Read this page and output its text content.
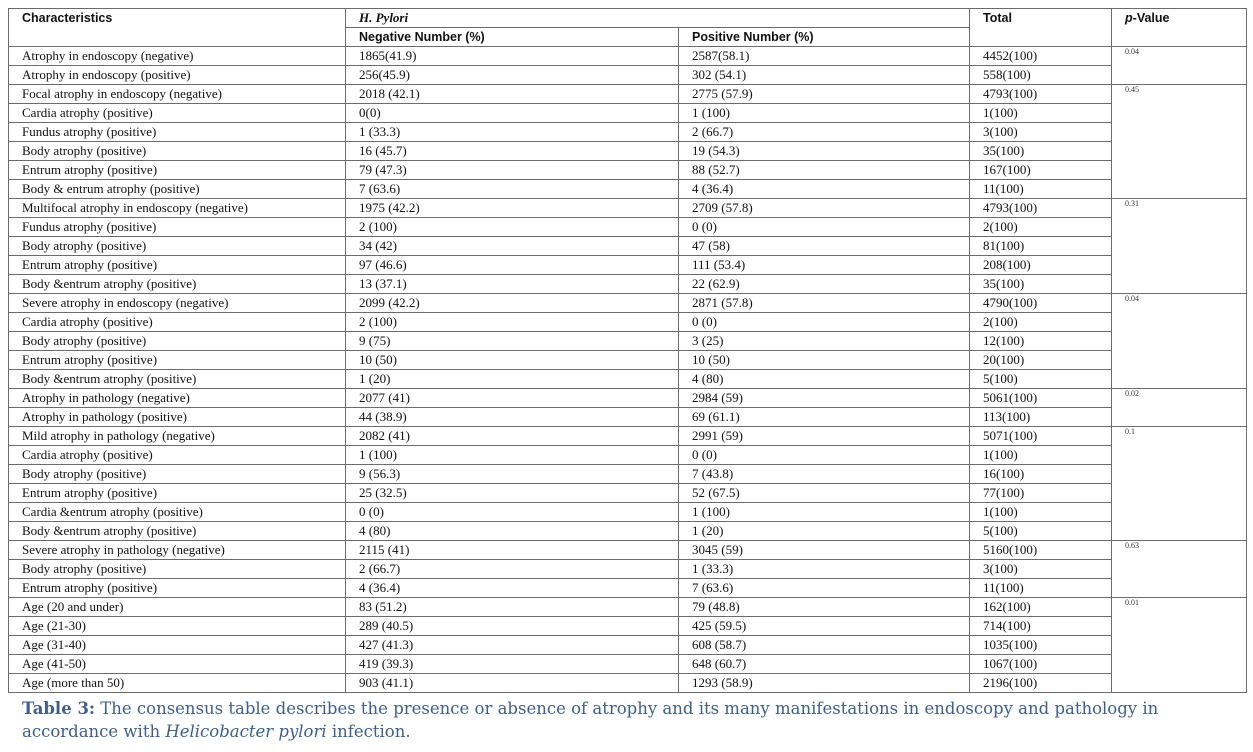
Characteristics	H. Pylori		Total	p-Value
	Negative Number (%)	Positive Number (%)		
Atrophy in endoscopy (negative)	1865(41.9)	2587(58.1)	4452(100)	0.04
Atrophy in endoscopy (positive)	256(45.9)	302 (54.1)	558(100)	
Focal atrophy in endoscopy (negative)	2018 (42.1)	2775 (57.9)	4793(100)	0.45
Cardia atrophy (positive)	0(0)	1 (100)	1(100)	
Fundus atrophy (positive)	1 (33.3)	2 (66.7)	3(100)	
Body atrophy (positive)	16 (45.7)	19 (54.3)	35(100)	
Entrum atrophy (positive)	79 (47.3)	88 (52.7)	167(100)	
Body & entrum atrophy (positive)	7 (63.6)	4 (36.4)	11(100)	
Multifocal atrophy in endoscopy (negative)	1975 (42.2)	2709 (57.8)	4793(100)	0.31
Fundus atrophy (positive)	2 (100)	0 (0)	2(100)	
Body atrophy (positive)	34 (42)	47 (58)	81(100)	
Entrum atrophy (positive)	97 (46.6)	111 (53.4)	208(100)	
Body &entrum atrophy (positive)	13 (37.1)	22 (62.9)	35(100)	
Severe atrophy in endoscopy (negative)	2099 (42.2)	2871 (57.8)	4790(100)	0.04
Cardia atrophy (positive)	2 (100)	0 (0)	2(100)	
Body atrophy (positive)	9 (75)	3 (25)	12(100)	
Entrum atrophy (positive)	10 (50)	10 (50)	20(100)	
Body &entrum atrophy (positive)	1 (20)	4 (80)	5(100)	
Atrophy in pathology (negative)	2077 (41)	2984 (59)	5061(100)	0.02
Atrophy in pathology (positive)	44 (38.9)	69 (61.1)	113(100)	
Mild atrophy in pathology (negative)	2082 (41)	2991 (59)	5071(100)	0.1
Cardia atrophy (positive)	1 (100)	0 (0)	1(100)	
Body atrophy (positive)	9 (56.3)	7 (43.8)	16(100)	
Entrum atrophy (positive)	25 (32.5)	52 (67.5)	77(100)	
Cardia &entrum atrophy (positive)	0 (0)	1 (100)	1(100)	
Body &entrum atrophy (positive)	4 (80)	1 (20)	5(100)	
Severe atrophy in pathology (negative)	2115 (41)	3045 (59)	5160(100)	0.63
Body atrophy (positive)	2 (66.7)	1 (33.3)	3(100)	
Entrum atrophy (positive)	4 (36.4)	7 (63.6)	11(100)	
Age (20 and under)	83 (51.2)	79 (48.8)	162(100)	0.01
Age (21-30)	289 (40.5)	425 (59.5)	714(100)	
Age (31-40)	427 (41.3)	608 (58.7)	1035(100)	
Age (41-50)	419 (39.3)	648 (60.7)	1067(100)	
Age (more than 50)	903 (41.1)	1293 (58.9)	2196(100)	
Table 3: The consensus table describes the presence or absence of atrophy and its many manifestations in endoscopy and pathology in accordance with Helicobacter pylori infection.
